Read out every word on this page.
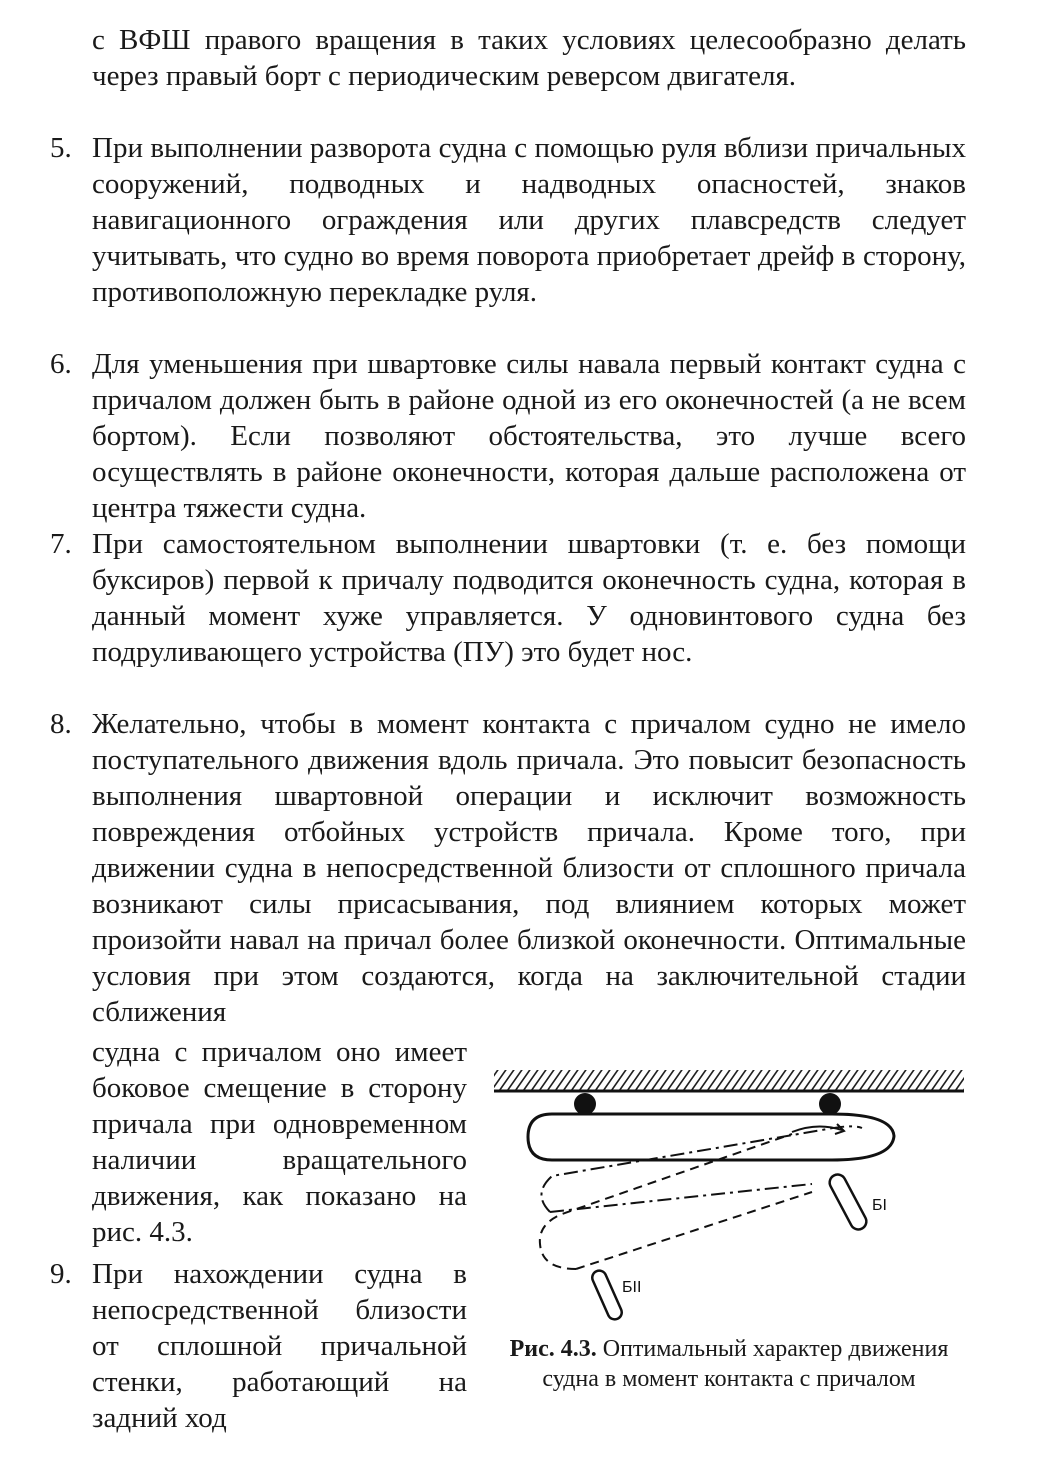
с ВФШ правого вращения в таких условиях целесообразно делать через правый борт с периодическим реверсом двигателя.

5. При выполнении разворота судна с помощью руля вблизи причальных сооружений, подводных и надводных опасностей, знаков навигационного ограждения или других плавсредств следует учитывать, что судно во время поворота приобретает дрейф в сторону, противоположную перекладке руля.
6. Для уменьшения при швартовке силы навала первый контакт судна с причалом должен быть в районе одной из его оконечностей (а не всем бортом). Если позволяют обстоятельства, это лучше всего осуществлять в районе оконечности, которая дальше расположена от центра тяжести судна.
7. При самостоятельном выполнении швартовки (т. е. без помощи буксиров) первой к причалу подводится оконечность судна, которая в данный момент хуже управляется. У одновинтового судна без подруливающего устройства (ПУ) это будет нос.
8. Желательно, чтобы в момент контакта с причалом судно не имело поступательного движения вдоль причала. Это повысит безопасность выполнения швартовной операции и исключит возможность повреждения отбойных устройств причала. Кроме того, при движении судна в непосредственной близости от сплошного причала возникают силы присасывания, под влиянием которых может произойти навал на причал более близкой оконечности. Оптимальные условия при этом создаются, когда на заключительной стадии сближения
судна с причалом оно имеет боковое смещение в сторону причала при одновременном наличии вращательного движения, как показано на рис. 4.3.
9. При нахождении судна в непосредственной близости от сплошной причальной стенки, работающий на задний ход
БI
БII
Рис. 4.3. Оптимальный характер движения судна в момент контакта с причалом
